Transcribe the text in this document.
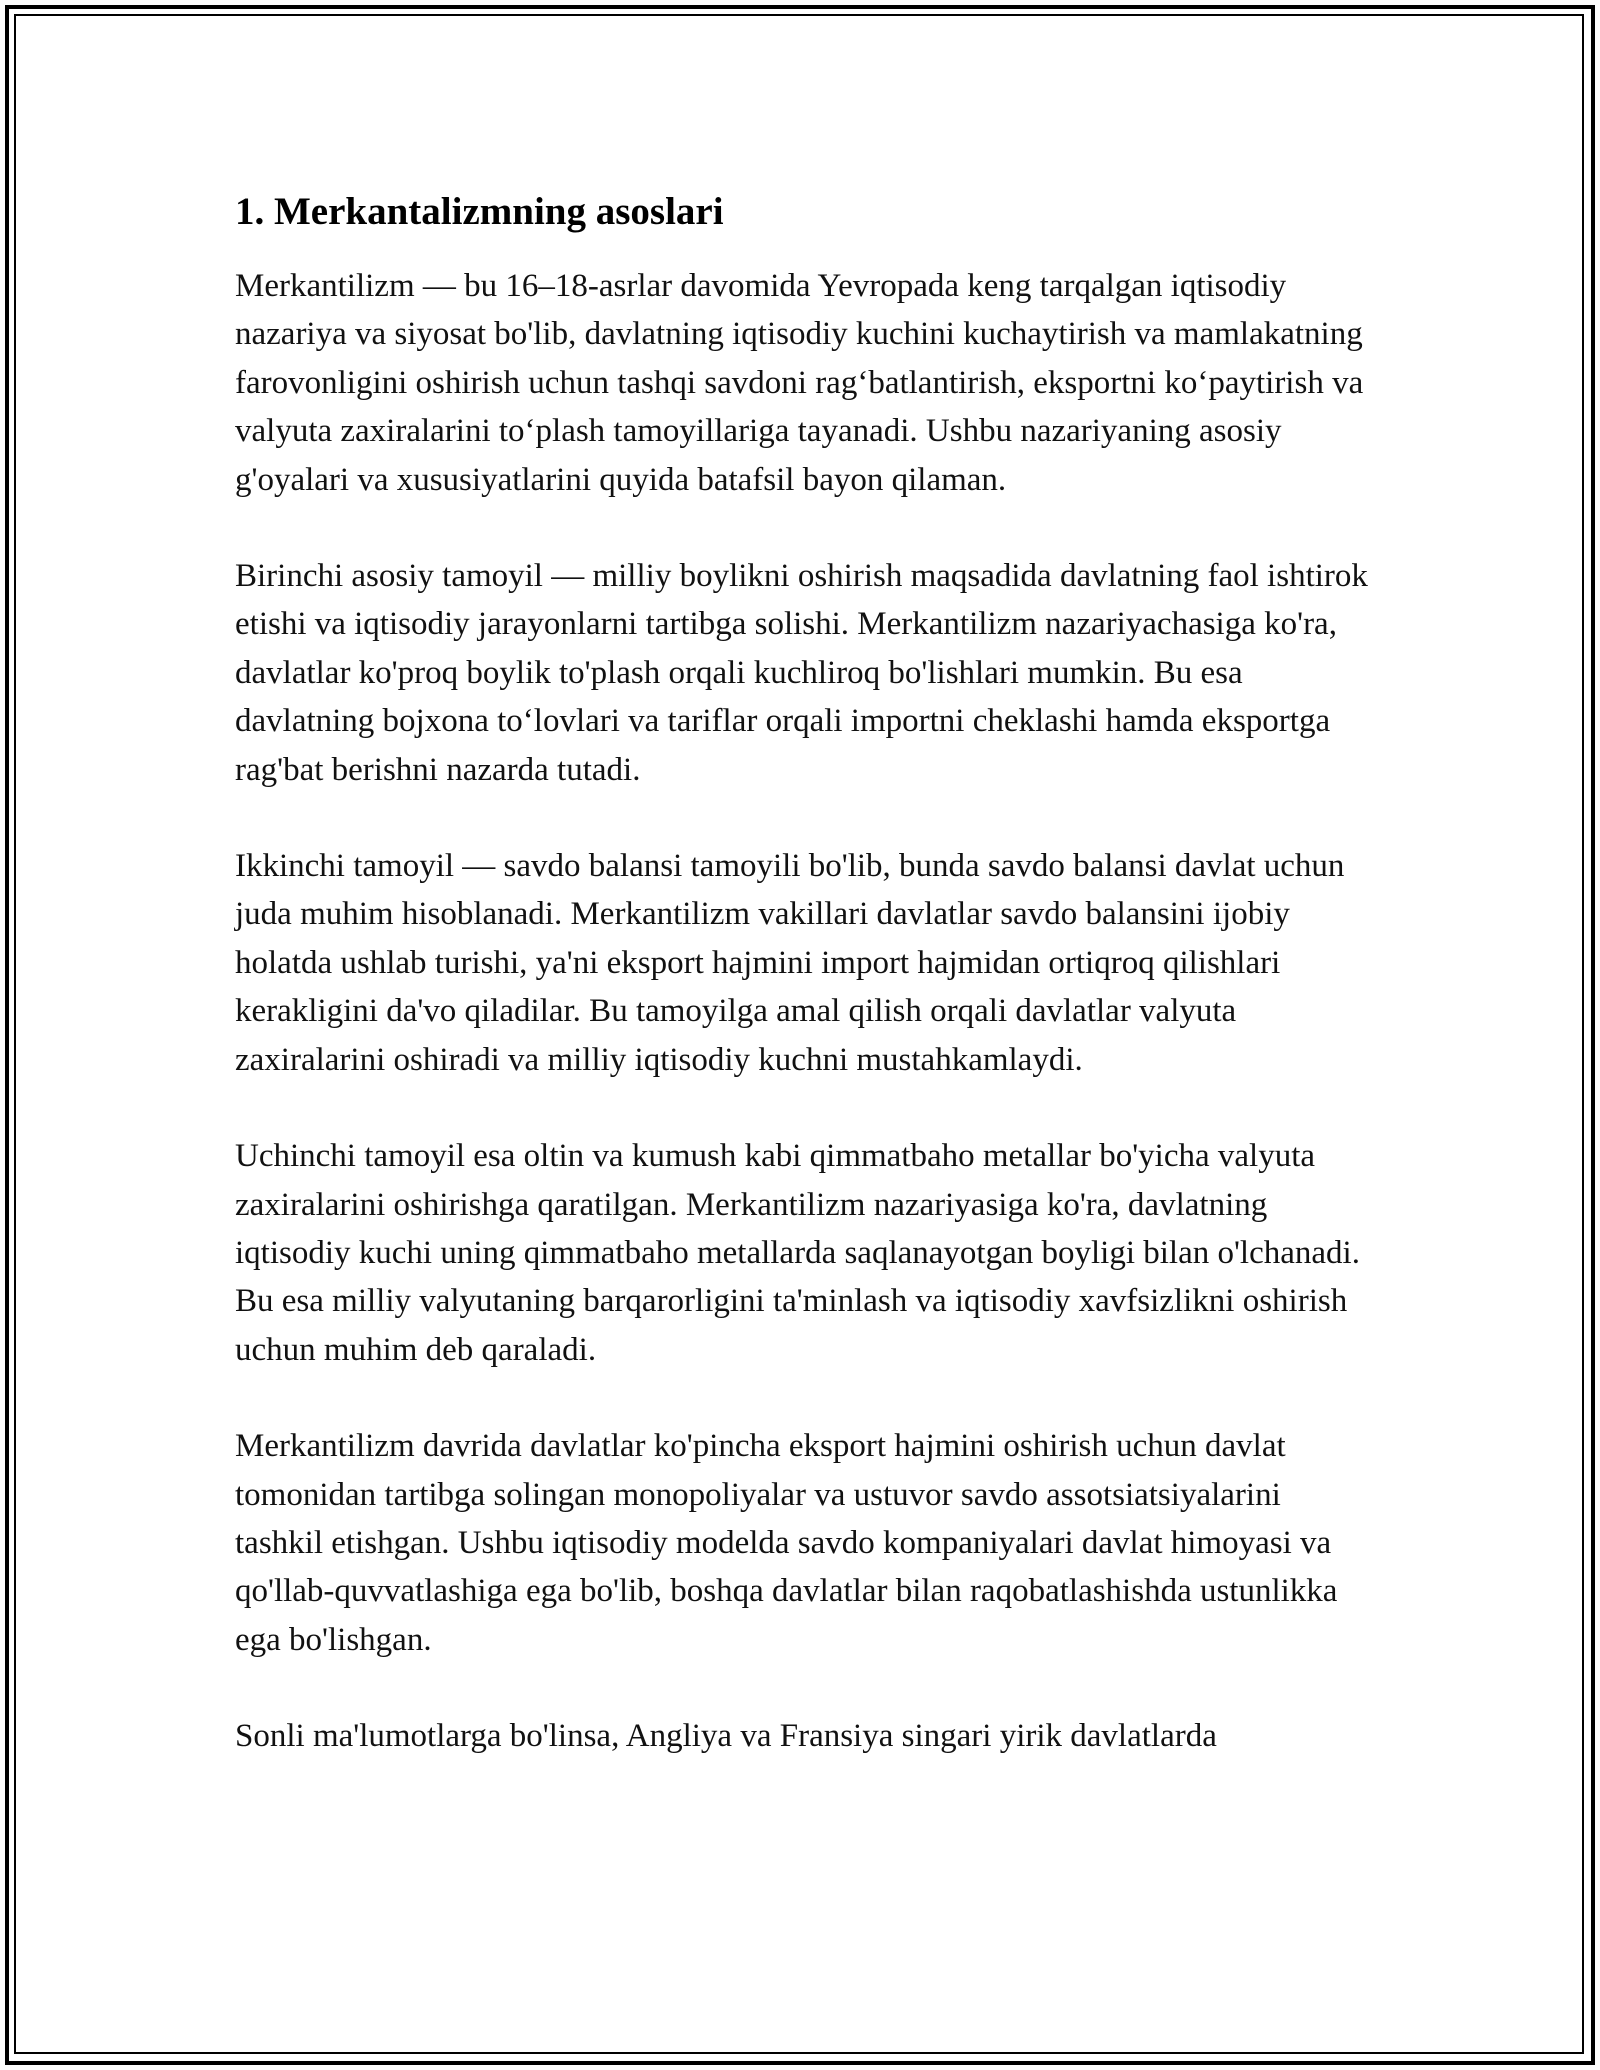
1. Merkantalizmning asoslari

Merkantilizm — bu 16–18-asrlar davomida Yevropada keng tarqalgan iqtisodiy nazariya va siyosat bo'lib, davlatning iqtisodiy kuchini kuchaytirish va mamlakatning farovonligini oshirish uchun tashqi savdoni rag‘batlantirish, eksportni ko‘paytirish va valyuta zaxiralarini to‘plash tamoyillariga tayanadi. Ushbu nazariyaning asosiy g'oyalari va xususiyatlarini quyida batafsil bayon qilaman.

Birinchi asosiy tamoyil — milliy boylikni oshirish maqsadida davlatning faol ishtirok etishi va iqtisodiy jarayonlarni tartibga solishi. Merkantilizm nazariyachasiga ko'ra, davlatlar ko'proq boylik to'plash orqali kuchliroq bo'lishlari mumkin. Bu esa davlatning bojxona to‘lovlari va tariflar orqali importni cheklashi hamda eksportga rag'bat berishni nazarda tutadi.

Ikkinchi tamoyil — savdo balansi tamoyili bo'lib, bunda savdo balansi davlat uchun juda muhim hisoblanadi. Merkantilizm vakillari davlatlar savdo balansini ijobiy holatda ushlab turishi, ya'ni eksport hajmini import hajmidan ortiqroq qilishlari kerakligini da'vo qiladilar. Bu tamoyilga amal qilish orqali davlatlar valyuta zaxiralarini oshiradi va milliy iqtisodiy kuchni mustahkamlaydi.

Uchinchi tamoyil esa oltin va kumush kabi qimmatbaho metallar bo'yicha valyuta zaxiralarini oshirishga qaratilgan. Merkantilizm nazariyasiga ko'ra, davlatning iqtisodiy kuchi uning qimmatbaho metallarda saqlanayotgan boyligi bilan o'lchanadi. Bu esa milliy valyutaning barqarorligini ta'minlash va iqtisodiy xavfsizlikni oshirish uchun muhim deb qaraladi.

Merkantilizm davrida davlatlar ko'pincha eksport hajmini oshirish uchun davlat tomonidan tartibga solingan monopoliyalar va ustuvor savdo assotsiatsiyalarini tashkil etishgan. Ushbu iqtisodiy modelda savdo kompaniyalari davlat himoyasi va qo'llab-quvvatlashiga ega bo'lib, boshqa davlatlar bilan raqobatlashishda ustunlikka ega bo'lishgan.

Sonli ma'lumotlarga bo'linsa, Angliya va Fransiya singari yirik davlatlarda
